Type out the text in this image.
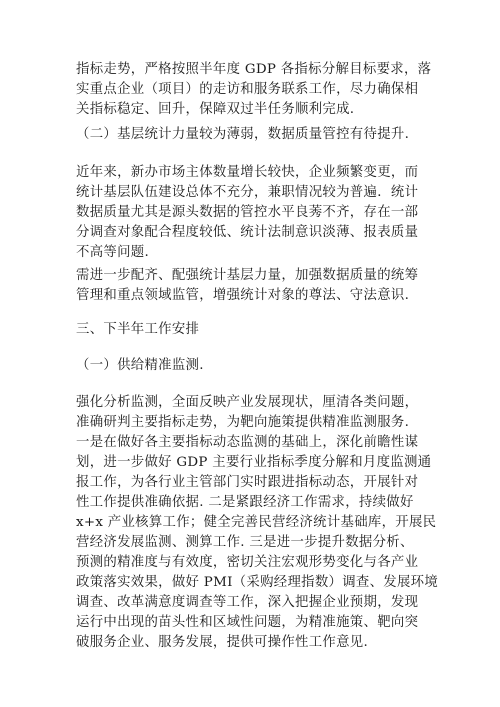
指标走势，严格按照半年度 GDP 各指标分解目标要求，落
实重点企业（项目）的走访和服务联系工作，尽力确保相
关指标稳定、回升，保障双过半任务顺利完成.

（二）基层统计力量较为薄弱，数据质量管控有待提升.

近年来，新办市场主体数量增长较快，企业频繁变更，而
统计基层队伍建设总体不充分，兼职情况较为普遍．统计
数据质量尤其是源头数据的管控水平良莠不齐，存在一部
分调查对象配合程度较低、统计法制意识淡薄、报表质量
不高等问题.

需进一步配齐、配强统计基层力量，加强数据质量的统筹
管理和重点领域监管，增强统计对象的尊法、守法意识.

三、下半年工作安排

（一）供给精准监测.

强化分析监测，全面反映产业发展现状，厘清各类问题，
准确研判主要指标走势，为靶向施策提供精准监测服务.
一是在做好各主要指标动态监测的基础上，深化前瞻性谋
划，进一步做好 GDP 主要行业指标季度分解和月度监测通
报工作，为各行业主管部门实时跟进指标动态，开展针对
性工作提供准确依据. 二是紧跟经济工作需求，持续做好
x+x 产业核算工作；健全完善民营经济统计基础库，开展民
营经济发展监测、测算工作. 三是进一步提升数据分析、
预测的精准度与有效度，密切关注宏观形势变化与各产业
政策落实效果，做好 PMI（采购经理指数）调查、发展环境
调查、改革满意度调查等工作，深入把握企业预期，发现
运行中出现的苗头性和区域性问题，为精准施策、靶向突
破服务企业、服务发展，提供可操作性工作意见.
